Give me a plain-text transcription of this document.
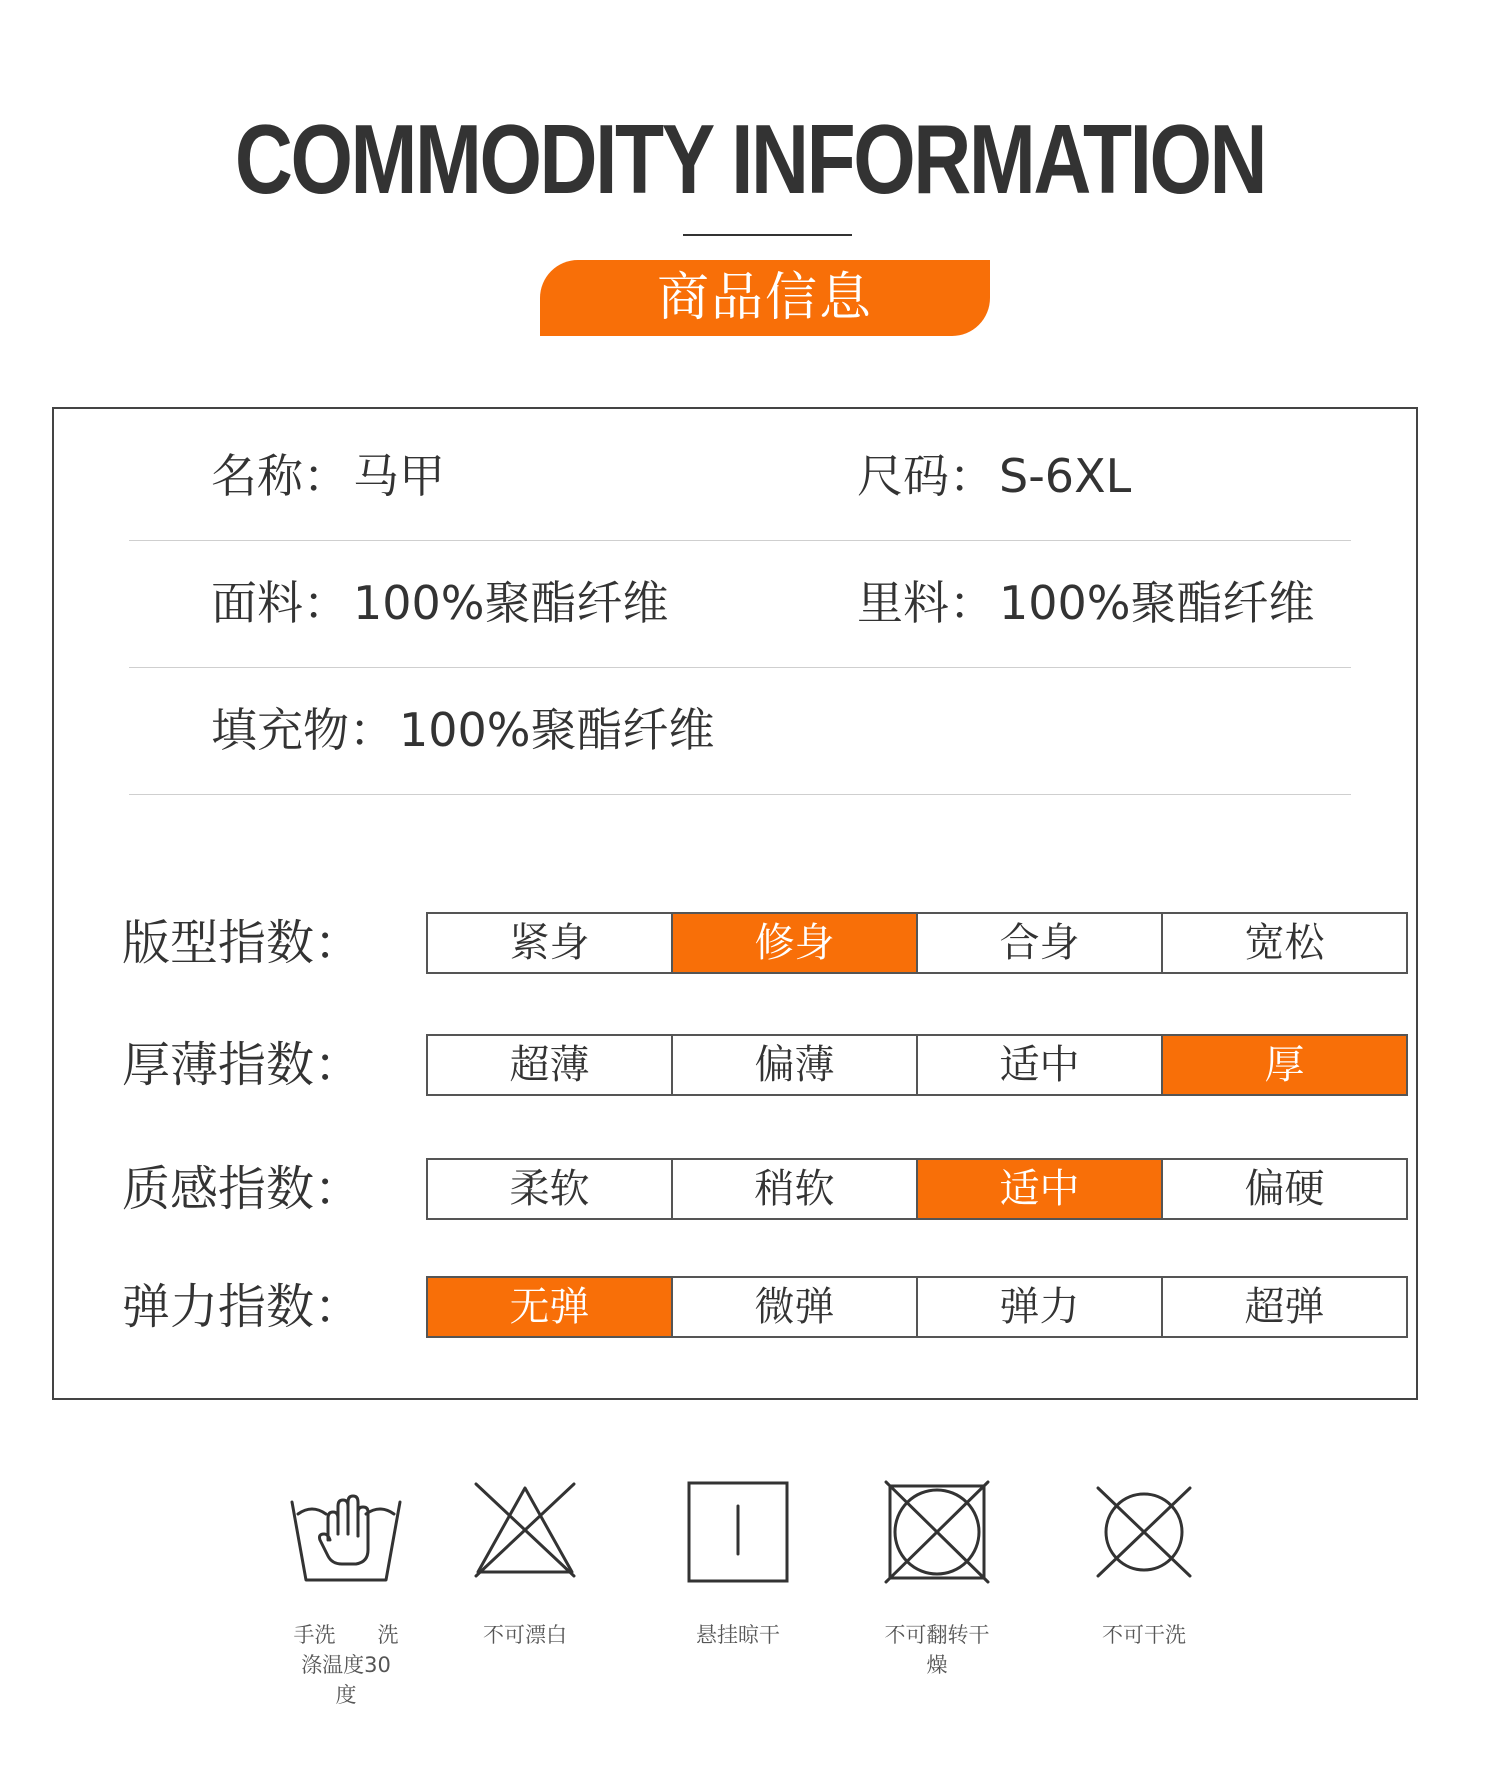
COMMODITY INFORMATION
商品信息
名称 ： 马甲	尺码 ： S-6XL
面料 ： 100%聚酯纤维	里料 ： 100%聚酯纤维
填充物 ： 100%聚酯纤维
版型指数 ：	紧身	修身	合身	宽松
厚薄指数 ：	超薄	偏薄	适中	厚
质感指数 ：	柔软	稍软	适中	偏硬
弹力指数 ：	无弹	微弹	弹力	超弹
手洗　　洗
涤温度30
度
不可漂白	悬挂晾干	不可翻转干
燥
不可干洗
